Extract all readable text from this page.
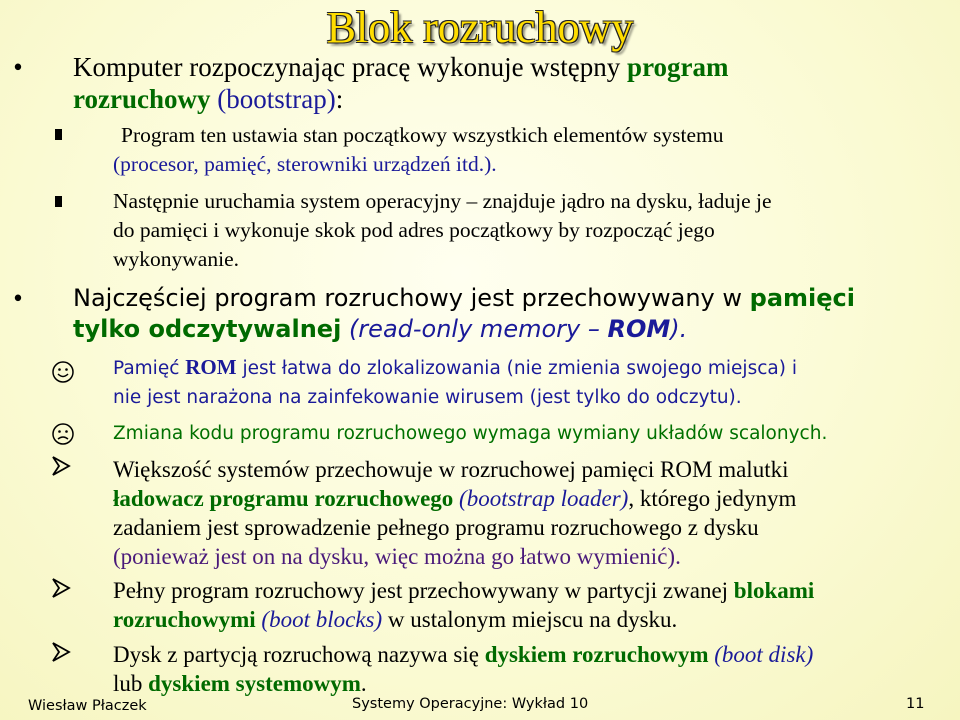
Blok rozruchowy
• Komputer rozpoczynając pracę wykonuje wstępny program
rozruchowy (bootstrap):
Program ten ustawia stan początkowy wszystkich elementów systemu
(procesor, pamięć, sterowniki urządzeń itd.).
Następnie uruchamia system operacyjny – znajduje jądro na dysku, ładuje je
do pamięci i wykonuje skok pod adres początkowy by rozpocząć jego
wykonywanie.
• Najczęściej program rozruchowy jest przechowywany w pamięci
tylko odczytywalnej (read-only memory – ROM).
Pamięć ROM jest łatwa do zlokalizowania (nie zmienia swojego miejsca) i
nie jest narażona na zainfekowanie wirusem (jest tylko do odczytu).
Zmiana kodu programu rozruchowego wymaga wymiany układów scalonych.
Większość systemów przechowuje w rozruchowej pamięci ROM malutki
ładowacz programu rozruchowego (bootstrap loader), którego jedynym
zadaniem jest sprowadzenie pełnego programu rozruchowego z dysku
(ponieważ jest on na dysku, więc można go łatwo wymienić).
Pełny program rozruchowy jest przechowywany w partycji zwanej blokami
rozruchowymi (boot blocks) w ustalonym miejscu na dysku.
Dysk z partycją rozruchową nazywa się dyskiem rozruchowym (boot disk)
lub dyskiem systemowym.
Wiesław Płaczek	Systemy Operacyjne: Wykład 10	11
